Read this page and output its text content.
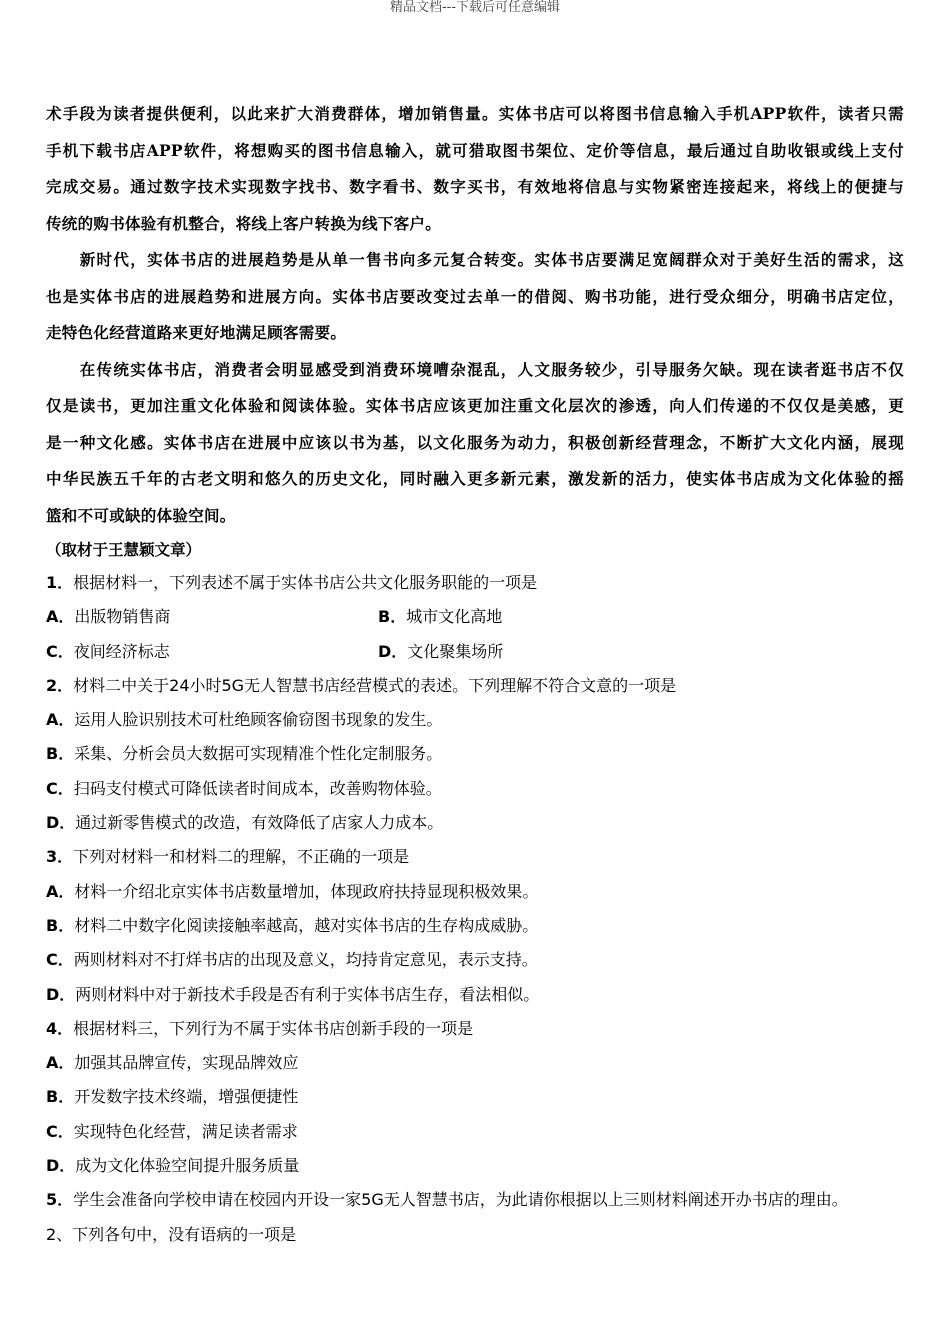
精品文档---下载后可任意编辑
术手段为读者提供便利，以此来扩大消费群体，增加销售量。实体书店可以将图书信息输入手机APP软件，读者只需
手机下载书店APP软件，将想购买的图书信息输入，就可猎取图书架位、定价等信息，最后通过自助收银或线上支付
完成交易。通过数字技术实现数字找书、数字看书、数字买书，有效地将信息与实物紧密连接起来，将线上的便捷与
传统的购书体验有机整合，将线上客户转换为线下客户。
　　新时代，实体书店的进展趋势是从单一售书向多元复合转变。实体书店要满足宽阔群众对于美好生活的需求，这
也是实体书店的进展趋势和进展方向。实体书店要改变过去单一的借阅、购书功能，进行受众细分，明确书店定位，
走特色化经营道路来更好地满足顾客需要。
　　在传统实体书店，消费者会明显感受到消费环境嘈杂混乱，人文服务较少，引导服务欠缺。现在读者逛书店不仅
仅是读书，更加注重文化体验和阅读体验。实体书店应该更加注重文化层次的渗透，向人们传递的不仅仅是美感，更
是一种文化感。实体书店在进展中应该以书为基，以文化服务为动力，积极创新经营理念，不断扩大文化内涵，展现
中华民族五千年的古老文明和悠久的历史文化，同时融入更多新元素，激发新的活力，使实体书店成为文化体验的摇
篮和不可或缺的体验空间。

（取材于王慧颖文章）

1．根据材料一，下列表述不属于实体书店公共文化服务职能的一项是

A．出版物销售商	B．城市文化高地
C．夜间经济标志	D．文化聚集场所

2．材料二中关于24小时5G无人智慧书店经营模式的表述。下列理解不符合文意的一项是

A．运用人脸识别技术可杜绝顾客偷窃图书现象的发生。

B．采集、分析会员大数据可实现精准个性化定制服务。

C．扫码支付模式可降低读者时间成本，改善购物体验。

D．通过新零售模式的改造，有效降低了店家人力成本。

3．下列对材料一和材料二的理解，不正确的一项是

A．材料一介绍北京实体书店数量增加，体现政府扶持显现积极效果。

B．材料二中数字化阅读接触率越高，越对实体书店的生存构成威胁。

C．两则材料对不打烊书店的出现及意义，均持肯定意见，表示支持。

D．两则材料中对于新技术手段是否有利于实体书店生存，看法相似。

4．根据材料三，下列行为不属于实体书店创新手段的一项是

A．加强其品牌宣传，实现品牌效应

B．开发数字技术终端，增强便捷性

C．实现特色化经营，满足读者需求

D．成为文化体验空间提升服务质量

5．学生会准备向学校申请在校园内开设一家5G无人智慧书店，为此请你根据以上三则材料阐述开办书店的理由。

2、下列各句中，没有语病的一项是
